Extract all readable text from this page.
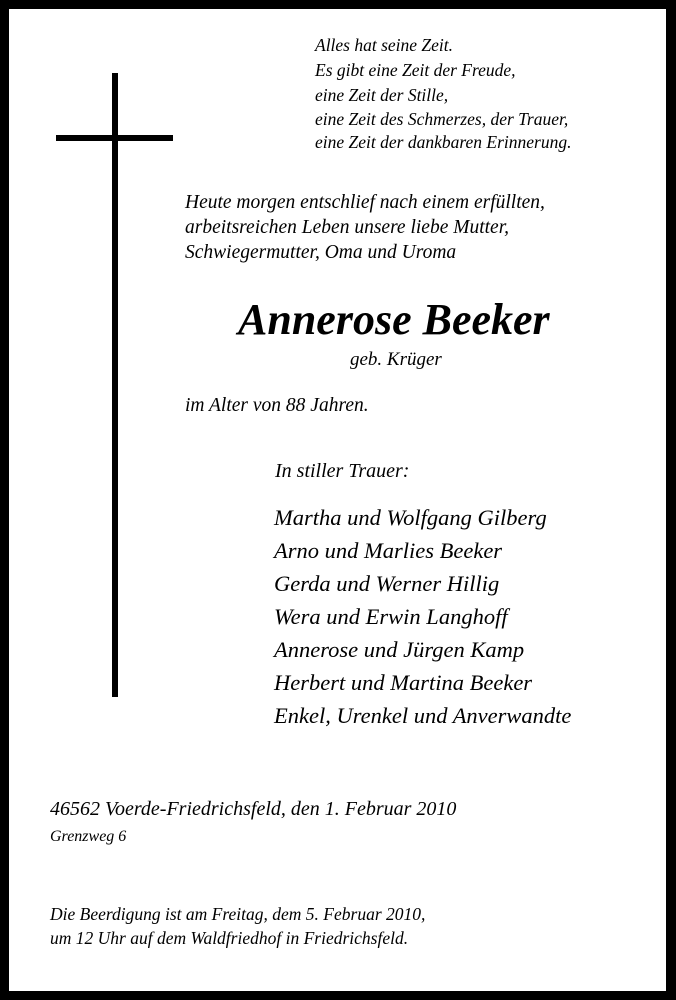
Alles hat seine Zeit.
Es gibt eine Zeit der Freude,
eine Zeit der Stille,
eine Zeit des Schmerzes, der Trauer,
eine Zeit der dankbaren Erinnerung.
Heute morgen entschlief nach einem erfüllten,
arbeitsreichen Leben unsere liebe Mutter,
Schwiegermutter, Oma und Uroma
Annerose Beeker
geb. Krüger
im Alter von 88 Jahren.
In stiller Trauer:
Martha und Wolfgang Gilberg
Arno und Marlies Beeker
Gerda und Werner Hillig
Wera und Erwin Langhoff
Annerose und Jürgen Kamp
Herbert und Martina Beeker
Enkel, Urenkel und Anverwandte
46562 Voerde-Friedrichsfeld, den 1. Februar 2010
Grenzweg 6
Die Beerdigung ist am Freitag, dem 5. Februar 2010,
um 12 Uhr auf dem Waldfriedhof in Friedrichsfeld.
